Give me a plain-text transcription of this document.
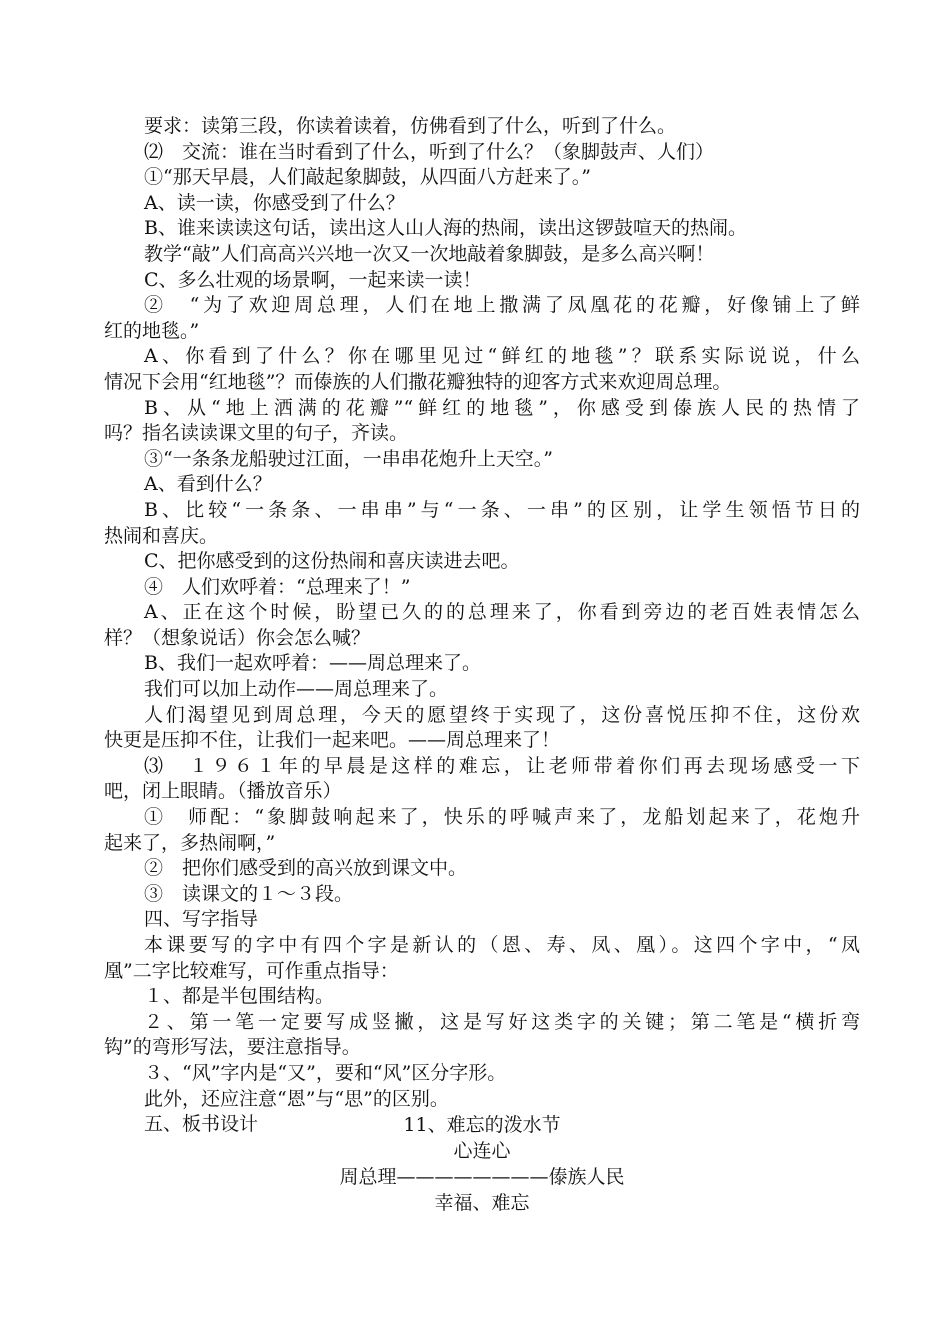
要求：读第三段，你读着读着，仿佛看到了什么，听到了什么。
⑵　交流：谁在当时看到了什么，听到了什么？（象脚鼓声、人们）
①“那天早晨，人们敲起象脚鼓，从四面八方赶来了。”
A、读一读，你感受到了什么？
B、谁来读读这句话，读出这人山人海的热闹，读出这锣鼓喧天的热闹。
教学“敲”人们高高兴兴地一次又一次地敲着象脚鼓，是多么高兴啊！
C、多么壮观的场景啊，一起来读一读！
②　“为了欢迎周总理，人们在地上撒满了凤凰花的花瓣，好像铺上了鲜
红的地毯。”
A、你看到了什么？你在哪里见过“鲜红的地毯”？联系实际说说，什么
情况下会用“红地毯”？而傣族的人们撒花瓣独特的迎客方式来欢迎周总理。
B、从“地上洒满的花瓣”“鲜红的地毯”，你感受到傣族人民的热情了
吗？指名读读课文里的句子，齐读。
③“一条条龙船驶过江面，一串串花炮升上天空。”
A、看到什么？
B、比较“一条条、一串串”与“一条、一串”的区别，让学生领悟节日的
热闹和喜庆。
C、把你感受到的这份热闹和喜庆读进去吧。
④　人们欢呼着：“总理来了！”
A、正在这个时候，盼望已久的的总理来了，你看到旁边的老百姓表情怎么
样？（想象说话）你会怎么喊？
B、我们一起欢呼着：——周总理来了。
我们可以加上动作——周总理来了。
人们渴望见到周总理，今天的愿望终于实现了，这份喜悦压抑不住，这份欢
快更是压抑不住，让我们一起来吧。——周总理来了！
⑶　１９６１年的早晨是这样的难忘，让老师带着你们再去现场感受一下
吧，闭上眼睛。（播放音乐）
①　师配：“象脚鼓响起来了，快乐的呼喊声来了，龙船划起来了，花炮升
起来了，多热闹啊，”
②　把你们感受到的高兴放到课文中。
③　读课文的１～３段。
四、写字指导
本课要写的字中有四个字是新认的（恩、寿、凤、凰）。这四个字中，“凤
凰”二字比较难写，可作重点指导：
１、都是半包围结构。
２、第一笔一定要写成竖撇，这是写好这类字的关键；第二笔是“横折弯
钩”的弯形写法，要注意指导。
３、“风”字内是“又”，要和“风”区分字形。
此外，还应注意“恩”与“思”的区别。
五、板书设计	11、难忘的泼水节
心连心
周总理————————傣族人民
幸福、难忘
